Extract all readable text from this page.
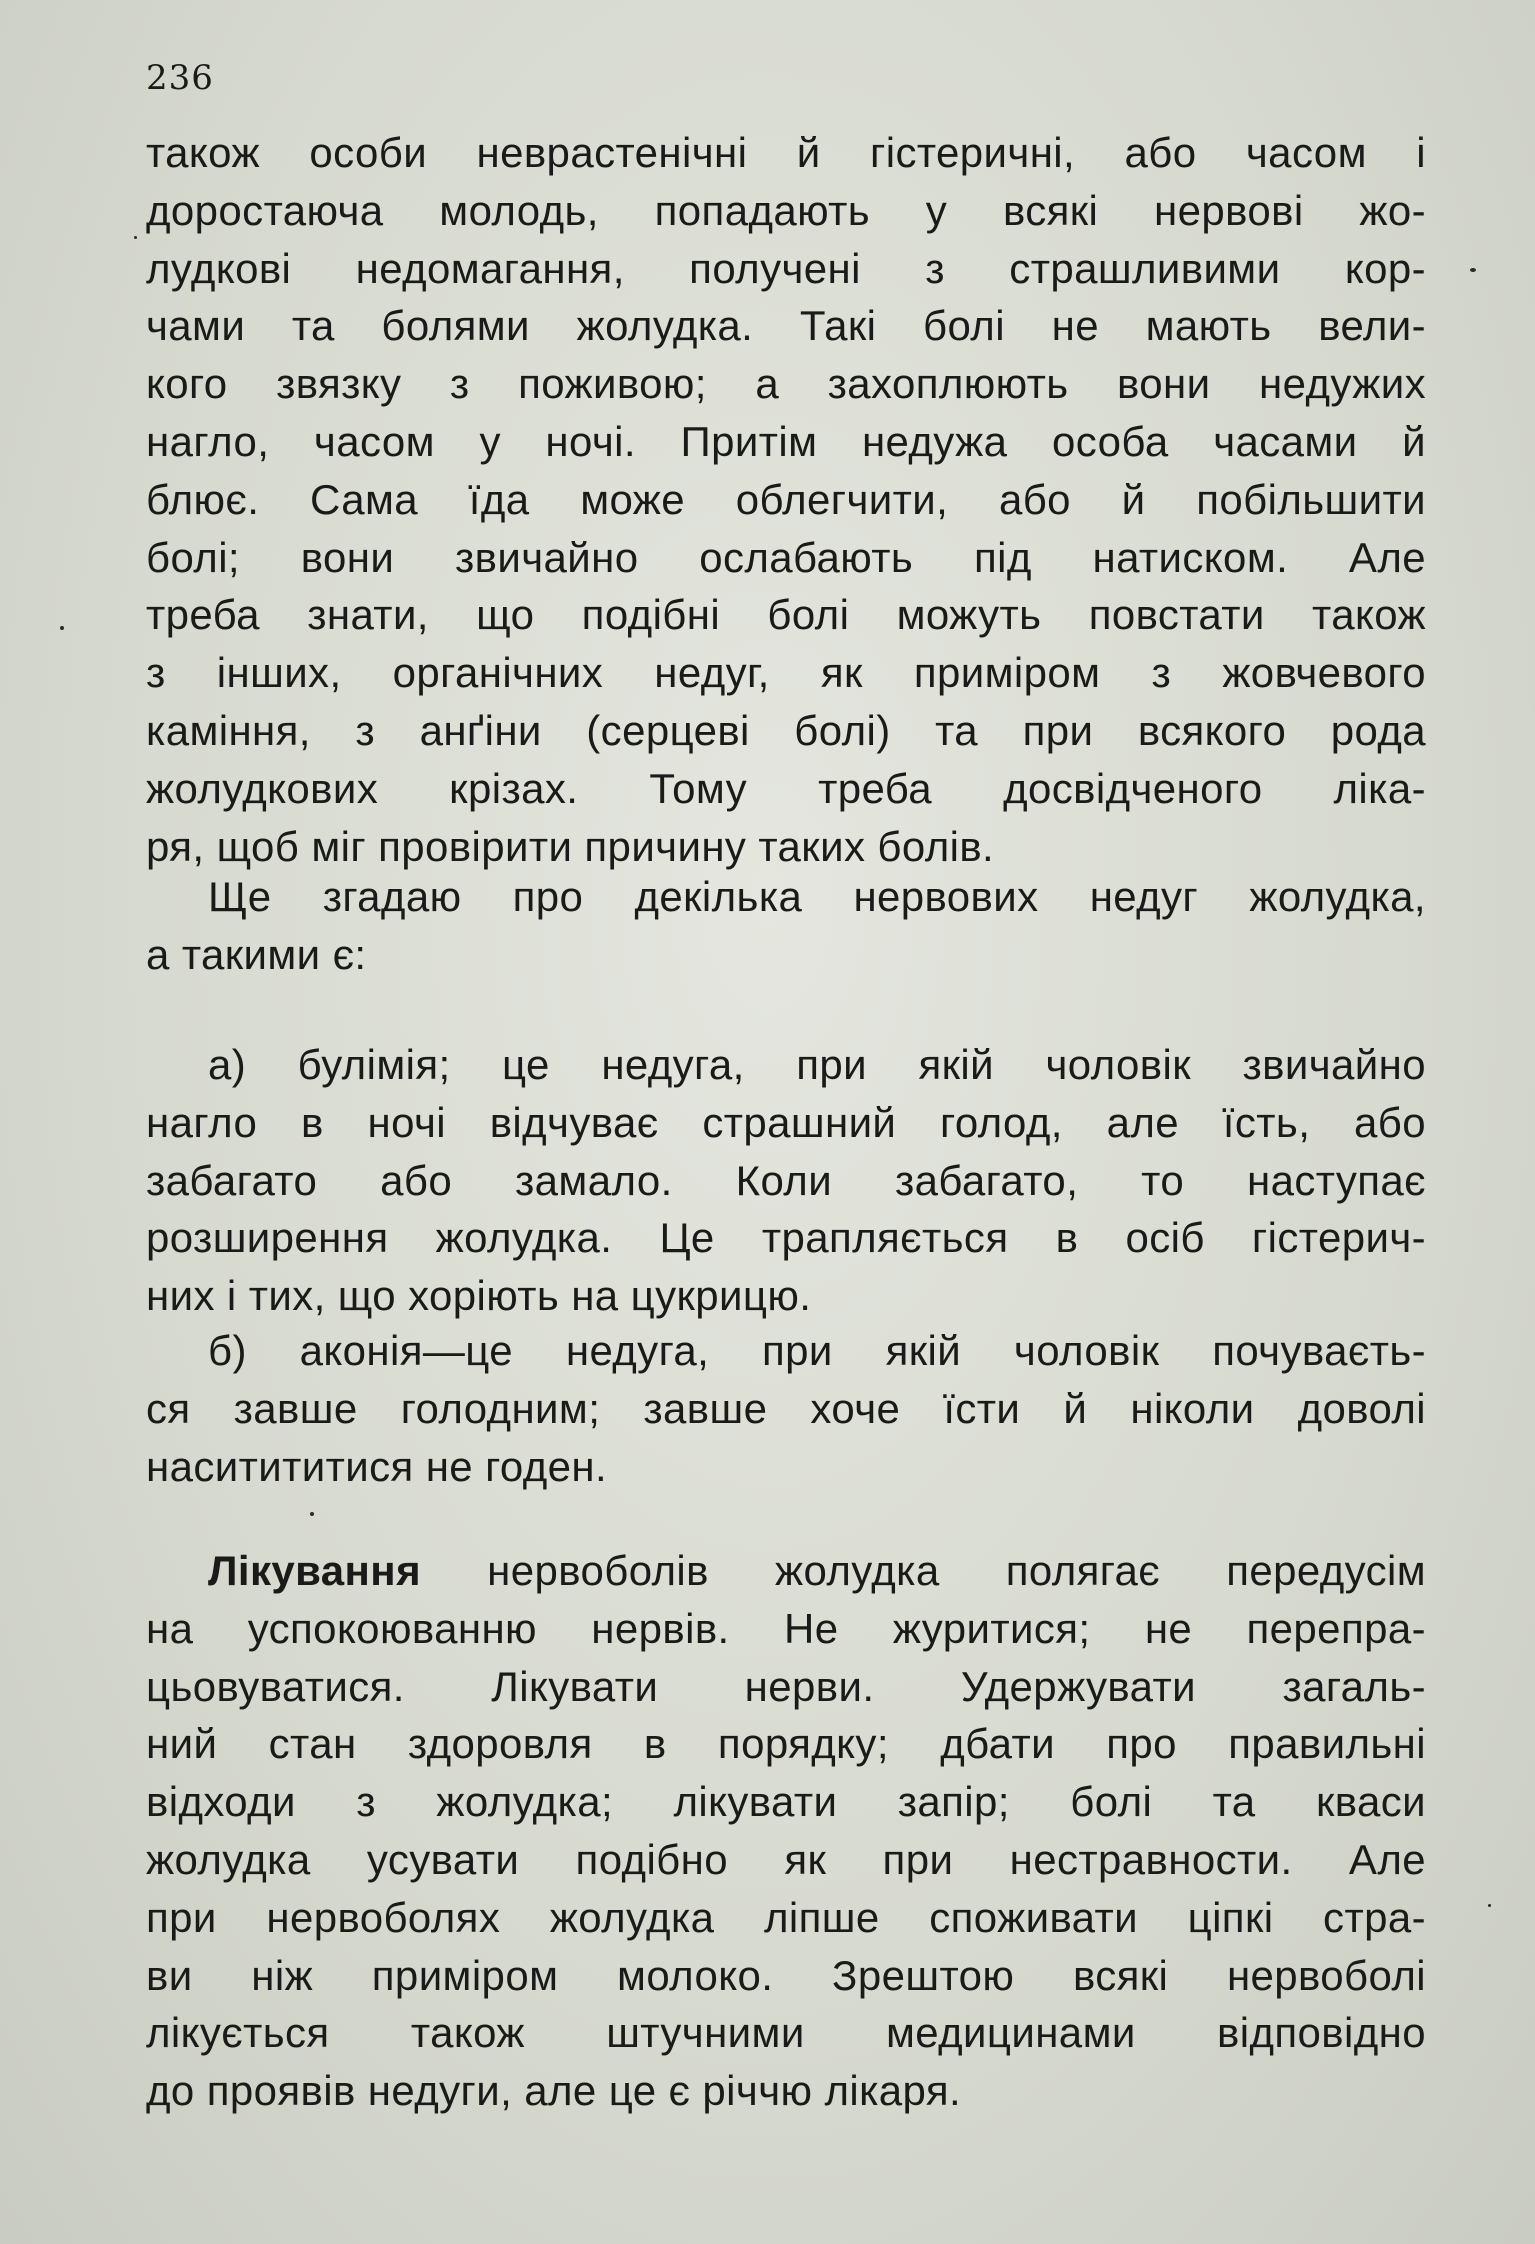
236
також особи неврастенічні й гістеричні, або часом і
доростаюча молодь, попадають у всякі нервові жо-
лудкові недомагання, получені з страшливими кор-
чами та болями жолудка. Такі болі не мають вели-
кого звязку з поживою; а захоплюють вони недужих
нагло, часом у ночі. Притім недужа особа часами й
блює. Сама їда може облегчити, або й побільшити
болі; вони звичайно ослабають під натиском. Але
треба знати, що подібні болі можуть повстати також
з інших, органічних недуг, як приміром з жовчевого
каміння, з анґіни (серцеві болі) та при всякого рода
жолудкових крізах. Тому треба досвідченого ліка-
ря, щоб міг провірити причину таких болів.
Ще згадаю про декілька нервових недуг жолудка,
а такими є:
а) булімія; це недуга, при якій чоловік звичайно
нагло в ночі відчуває страшний голод, але їсть, або
забагато або замало. Коли забагато, то наступає
розширення жолудка. Це трапляється в осіб гістерич-
них і тих, що хоріють на цукрицю.
б) аконія—це недуга, при якій чоловік почуваєть-
ся завше голодним; завше хоче їсти й ніколи доволі
наситититися не годен.
Лікування нервоболів жолудка полягає передусім
на успокоюванню нервів. Не журитися; не перепра-
цьовуватися. Лікувати нерви. Удержувати загаль-
ний стан здоровля в порядку; дбати про правильні
відходи з жолудка; лікувати запір; болі та кваси
жолудка усувати подібно як при нестравности. Але
при нервоболях жолудка ліпше споживати ціпкі стра-
ви ніж приміром молоко. Зрештою всякі нервоболі
лікується також штучними медицинами відповідно
до проявів недуги, але це є річчю лікаря.
